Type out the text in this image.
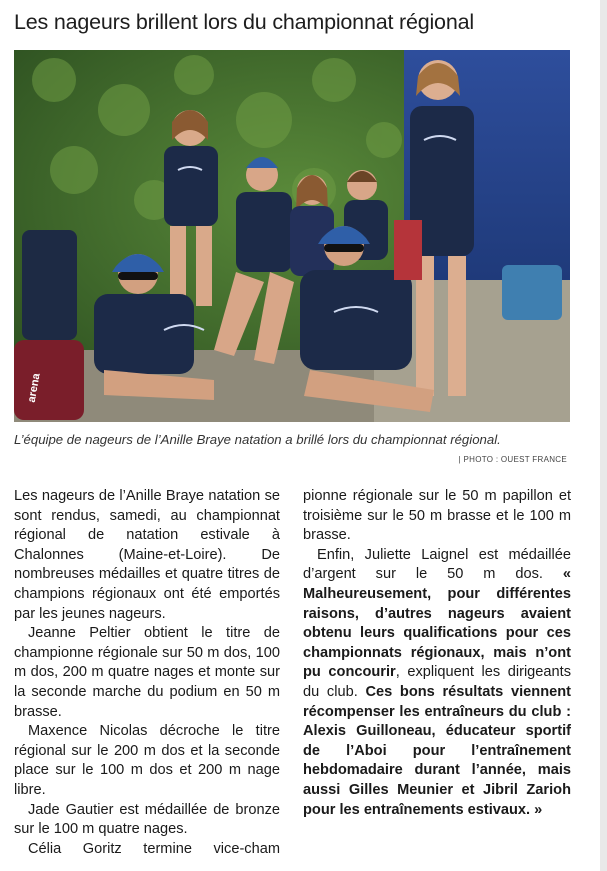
Les nageurs brillent lors du championnat régional
arena
L’équipe de nageurs de l’Anille Braye natation a brillé lors du championnat régional.
| PHOTO : OUEST FRANCE

Les nageurs de l’Anille Braye natation se sont rendus, samedi, au championnat régional de natation estivale à Chalonnes (Maine-et-Loire). De nombreuses médailles et quatre titres de champions régionaux ont été emportés par les jeunes nageurs.

Jeanne Peltier obtient le titre de championne régionale sur 50 m dos, 100 m dos, 200 m quatre nages et monte sur la seconde marche du podium en 50 m brasse.

Maxence Nicolas décroche le titre régional sur le 200 m dos et la seconde place sur le 100 m dos et 200 m nage libre.

Jade Gautier est médaillée de bronze sur le 100 m quatre nages.

Célia Goritz termine vice-cham

pionne régionale sur le 50 m papillon et troisième sur le 50 m brasse et le 100 m brasse.

Enfin, Juliette Laignel est médaillée d’argent sur le 50 m dos. « Malheureusement, pour différentes raisons, d’autres nageurs avaient obtenu leurs qualifications pour ces championnats régionaux, mais n’ont pu concourir, expliquent les dirigeants du club. Ces bons résultats viennent récompenser les entraîneurs du club : Alexis Guilloneau, éducateur sportif de l’Aboi pour l’entraînement hebdomadaire durant l’année, mais aussi Gilles Meunier et Jibril Zarioh pour les entraînements estivaux. »
